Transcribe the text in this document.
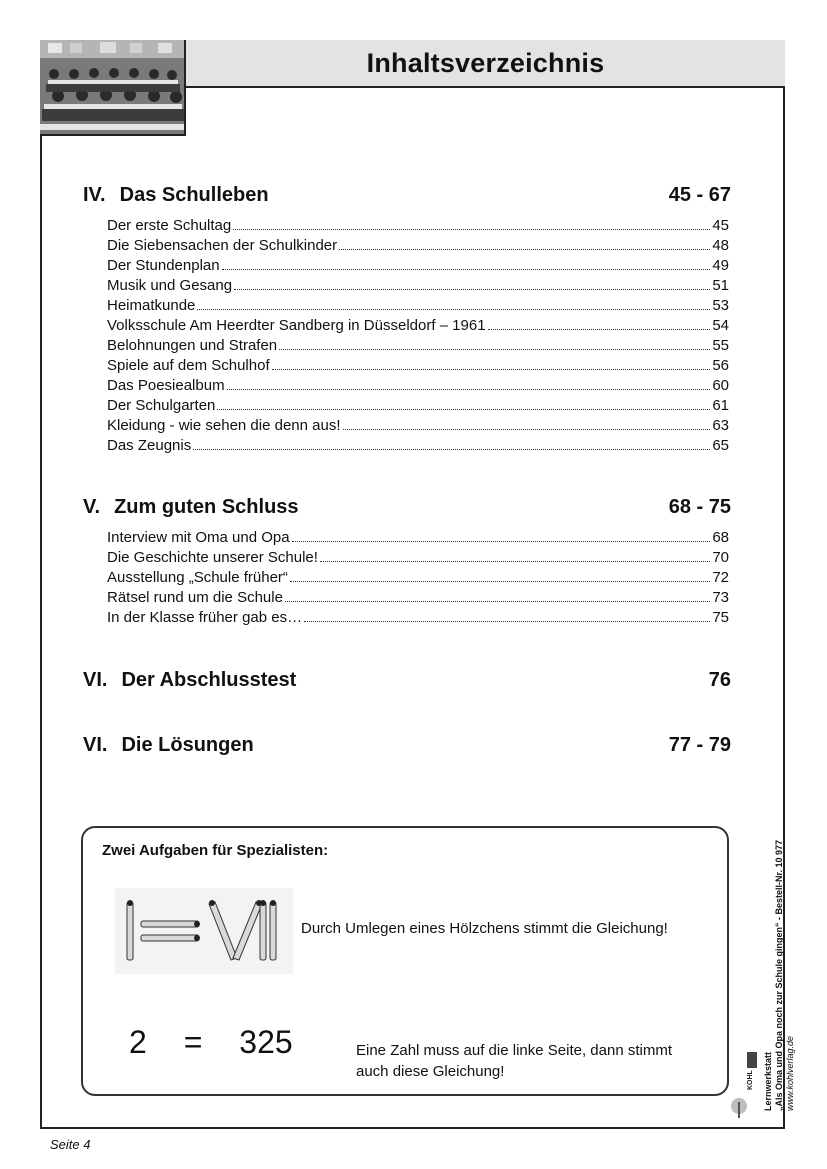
Inhaltsverzeichnis
IV. Das Schulleben	45 - 67
Der erste Schultag	45
Die Siebensachen der Schulkinder	48
Der Stundenplan	49
Musik und Gesang	51
Heimatkunde	53
Volksschule Am Heerdter Sandberg in Düsseldorf – 1961	54
Belohnungen und Strafen	55
Spiele auf dem Schulhof	56
Das Poesiealbum	60
Der Schulgarten	61
Kleidung - wie sehen die denn aus!	63
Das Zeugnis	65
V. Zum guten Schluss	68 - 75
Interview mit Oma und Opa	68
Die Geschichte unserer Schule!	70
Ausstellung „Schule früher“	72
Rätsel rund um die Schule	73
In der Klasse früher gab es…	75
VI. Der Abschlusstest	76
VI. Die Lösungen	77 - 79
Zwei Aufgaben für Spezialisten:
Durch Umlegen eines Hölzchens stimmt die Gleichung!
2 = 325	Eine Zahl muss auf die linke Seite, dann stimmt auch diese Gleichung!	Lernwerkstatt „Als Oma und Opa noch zur Schule gingen“ - Bestell-Nr. 10 977 www.kohlverlag.de
KOHL
Seite 4
